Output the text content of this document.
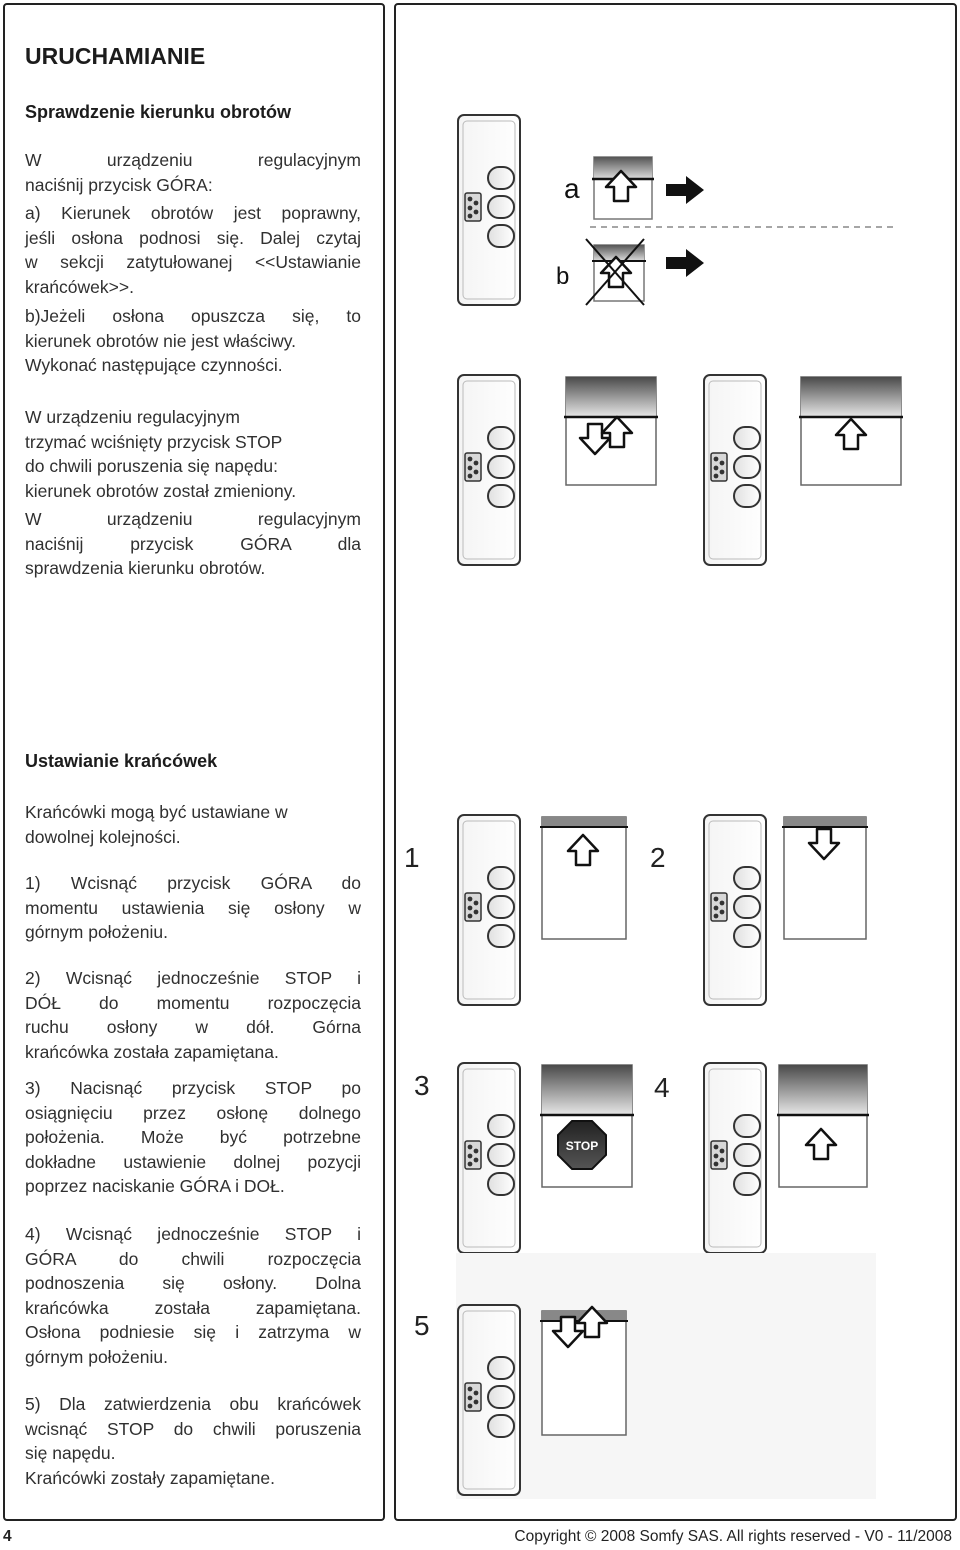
URUCHAMIANIE
Sprawdzenie kierunku obrotów
W urządzeniu regulacyjnym
naciśnij przycisk GÓRA:
a) Kierunek obrotów jest poprawny,
jeśli osłona podnosi się. Dalej czytaj
w sekcji zatytułowanej <<Ustawianie
krańcówek>>.
b)Jeżeli osłona opuszcza się, to
kierunek obrotów nie jest właściwy.
Wykonać następujące czynności.
W urządzeniu regulacyjnym
trzymać wciśnięty przycisk STOP
do chwili poruszenia się napędu:
kierunek obrotów został zmieniony.
W urządzeniu regulacyjnym
naciśnij przycisk GÓRA dla
sprawdzenia kierunku obrotów.
Ustawianie krańcówek
Krańcówki mogą być ustawiane w
dowolnej kolejności.
1) Wcisnąć przycisk GÓRA do
momentu ustawienia się osłony w
górnym położeniu.
2) Wcisnąć jednocześnie STOP i
DÓŁ do momentu rozpoczęcia
ruchu osłony w dół. Górna
krańcówka została zapamiętana.
3) Nacisnąć przycisk STOP po
osiągnięciu przez osłonę dolnego
położenia. Może być potrzebne
dokładne ustawienie dolnej pozycji
poprzez naciskanie GÓRA i DOŁ.
4) Wcisnąć jednocześnie STOP i
GÓRA do chwili rozpoczęcia
podnoszenia się osłony. Dolna
krańcówka została zapamiętana.
Osłona podniesie się i zatrzyma w
górnym położeniu.
5) Dla zatwierdzenia obu krańcówek
wcisnąć STOP do chwili poruszenia
się napędu.
Krańcówki zostały zapamiętane.
a
b
1	2
3
STOP
4
5
4	Copyright © 2008 Somfy SAS. All rights reserved - V0 - 11/2008
